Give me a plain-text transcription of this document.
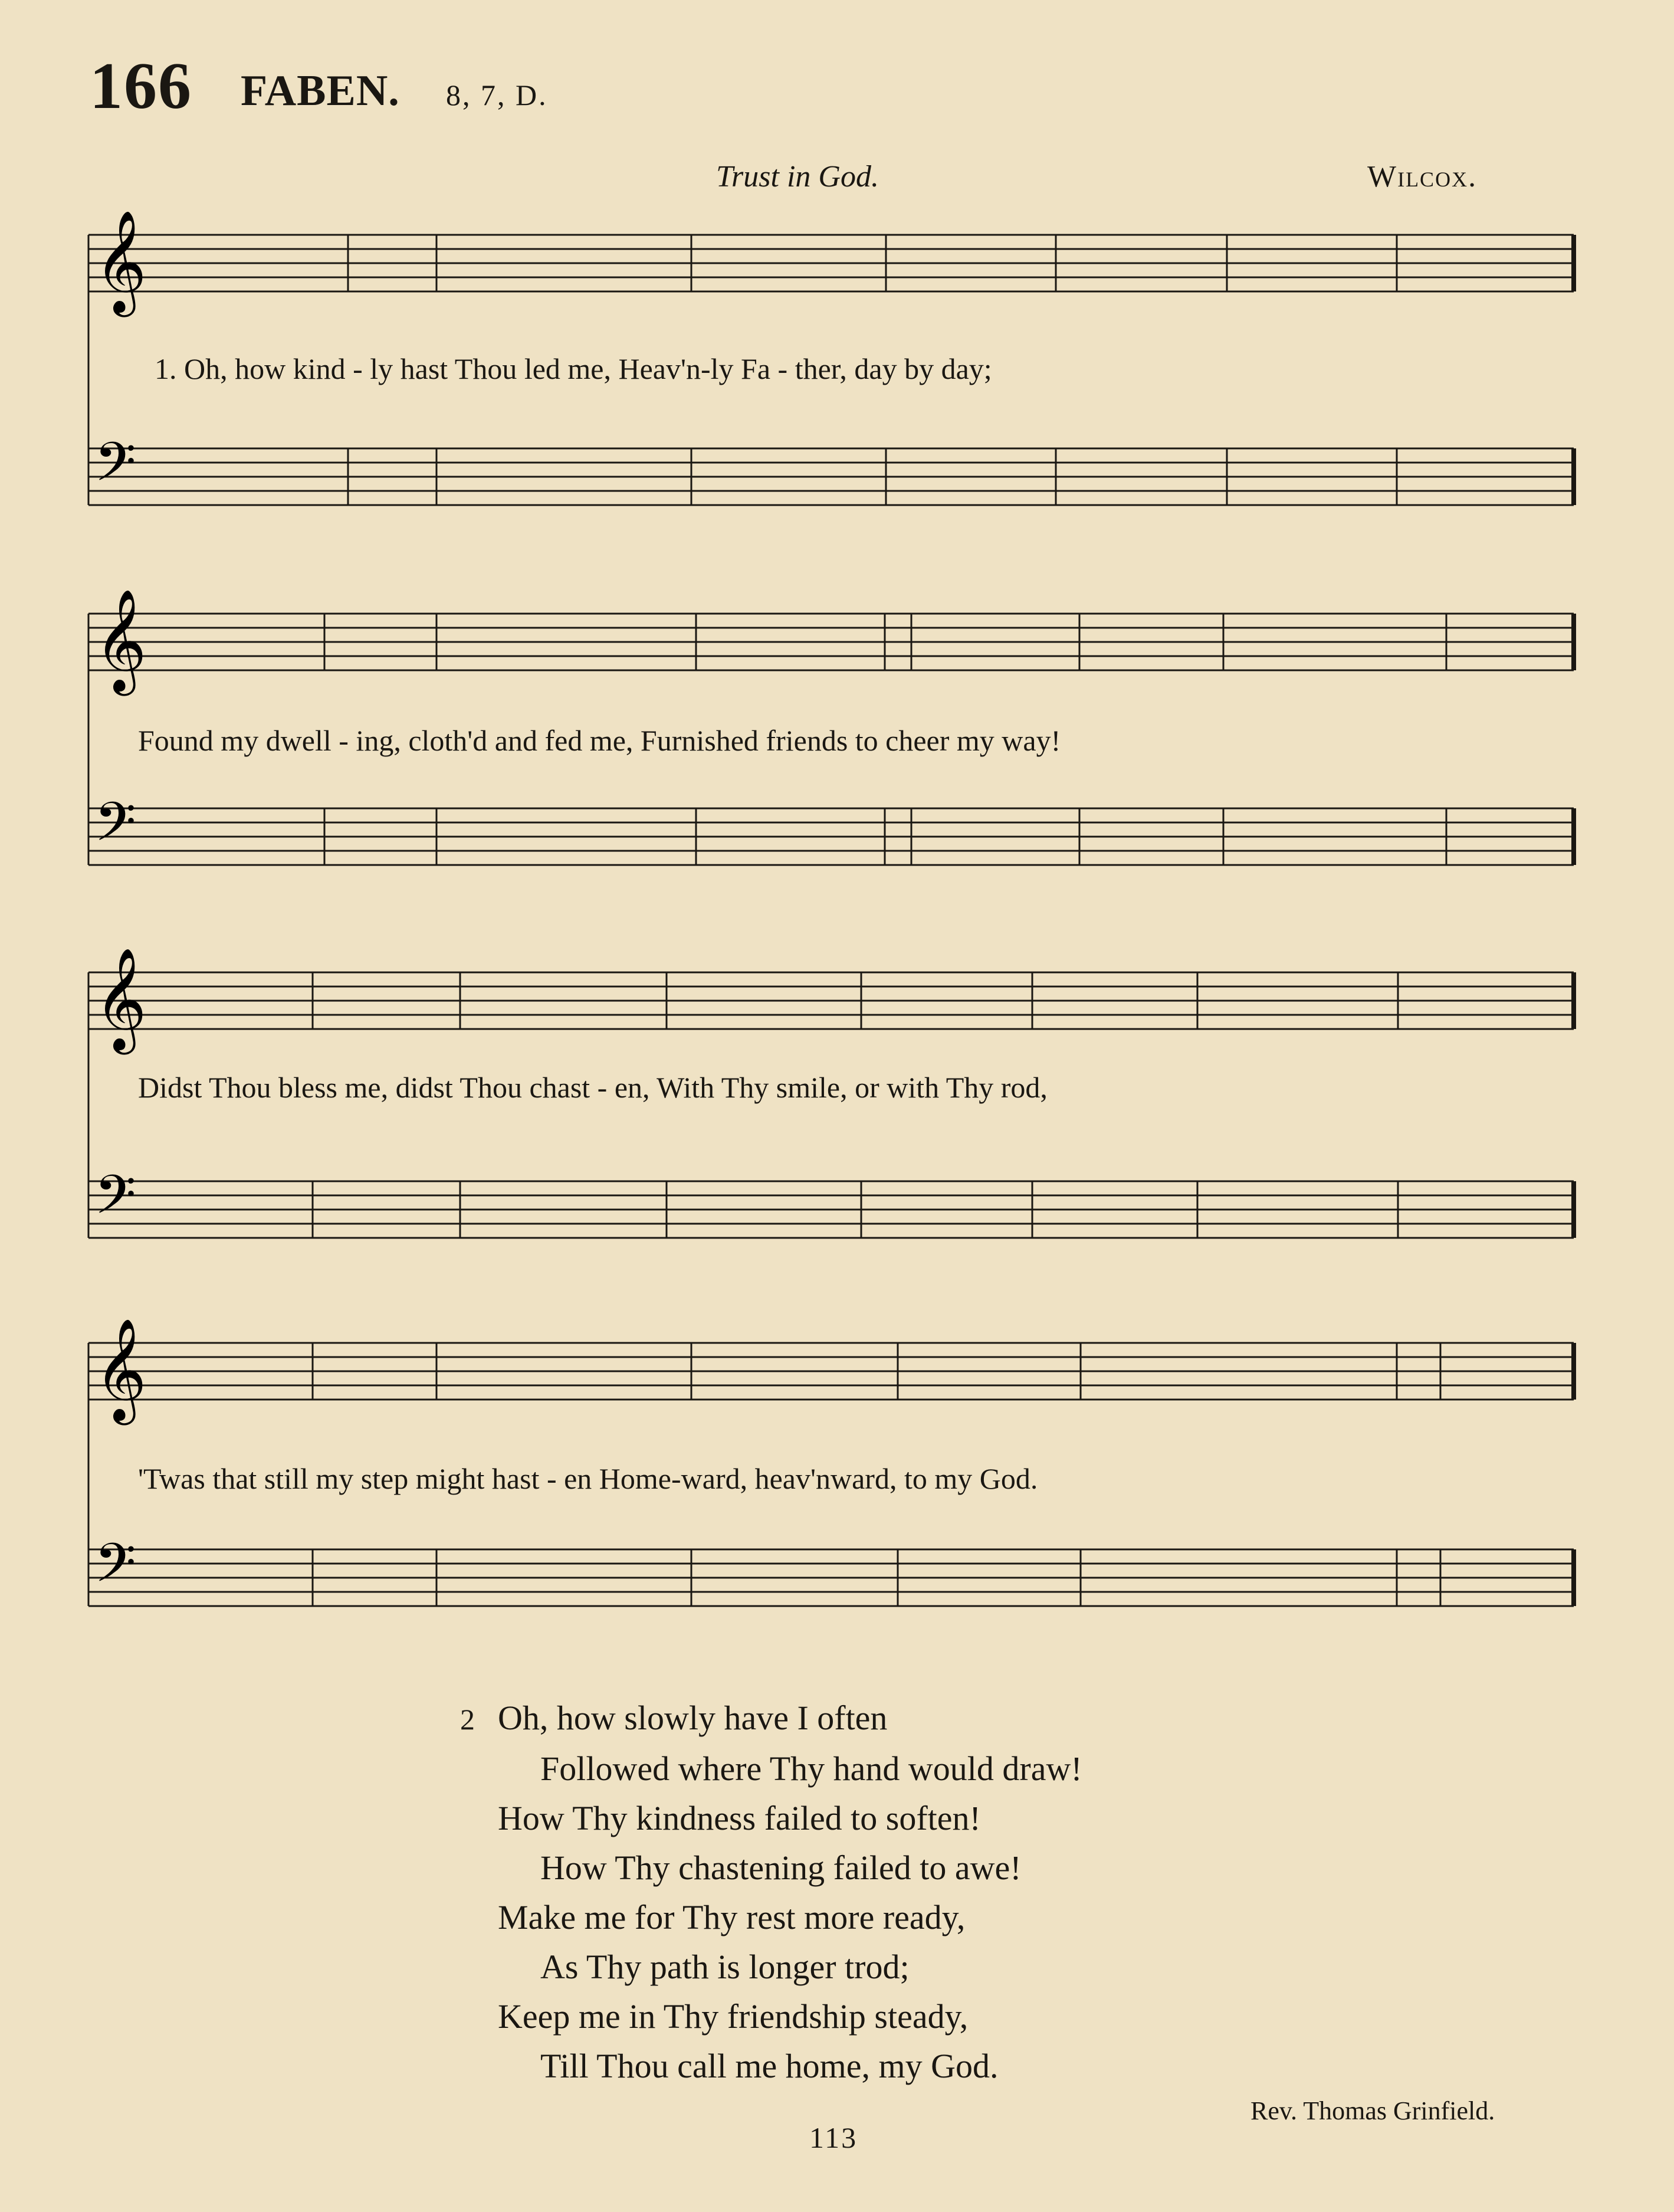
166 FABEN. 8, 7, D.
Trust in God.	Wilcox.
𝄞
𝄢
𝄞
𝄢
𝄞
𝄢
𝄞
𝄢
1. Oh, how kind - ly hast Thou led me, Heav'n-ly Fa - ther, day by day;
Found my dwell - ing, cloth'd and fed me, Furnished friends to cheer my way!
Didst Thou bless me, didst Thou chast - en, With Thy smile, or with Thy rod,
'Twas that still my step might hast - en Home-ward, heav'nward, to my God.
2 Oh, how slowly have I often
Followed where Thy hand would draw!
How Thy kindness failed to soften!
How Thy chastening failed to awe!
Make me for Thy rest more ready,
As Thy path is longer trod;
Keep me in Thy friendship steady,
Till Thou call me home, my God.
Rev. Thomas Grinfield.
113
